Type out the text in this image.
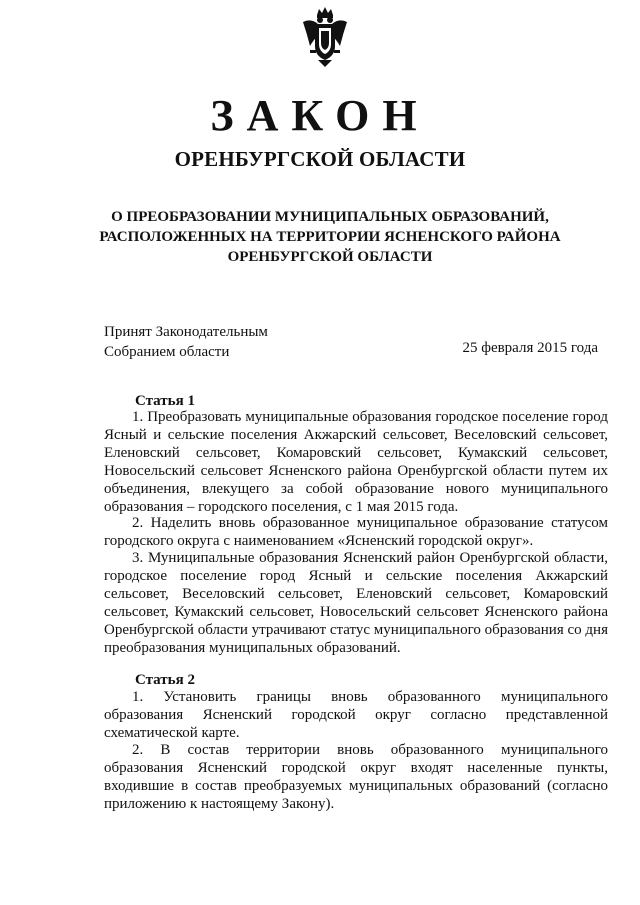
ЗАКОН
ОРЕНБУРГСКОЙ ОБЛАСТИ
О ПРЕОБРАЗОВАНИИ МУНИЦИПАЛЬНЫХ ОБРАЗОВАНИЙ,
РАСПОЛОЖЕННЫХ НА ТЕРРИТОРИИ ЯСНЕНСКОГО РАЙОНА
ОРЕНБУРГСКОЙ ОБЛАСТИ
Принят Законодательным
Собранием области	25 февраля 2015 года
Статья 1

1. Преобразовать муниципальные образования городское поселение город Ясный и сельские поселения Акжарский сельсовет, Веселовский сельсовет, Еленовский сельсовет, Комаровский сельсовет, Кумакский сельсовет, Новосельский сельсовет Ясненского района Оренбургской области путем их объединения, влекущего за собой образование нового муниципального образования – городского поселения, с 1 мая 2015 года.

2. Наделить вновь образованное муниципальное образование статусом городского округа с наименованием «Ясненский городской округ».

3. Муниципальные образования Ясненский район Оренбургской области, городское поселение город Ясный и сельские поселения Акжарский сельсовет, Веселовский сельсовет, Еленовский сельсовет, Комаровский сельсовет, Кумакский сельсовет, Новосельский сельсовет Ясненского района Оренбургской области утрачивают статус муниципального образования со дня преобразования муниципальных образований.

Статья 2

1. Установить границы вновь образованного муниципального образования Ясненский городской округ согласно представленной схематической карте.

2. В состав территории вновь образованного муниципального образования Ясненский городской округ входят населенные пункты, входившие в состав преобразуемых муниципальных образований (согласно приложению к настоящему Закону).
